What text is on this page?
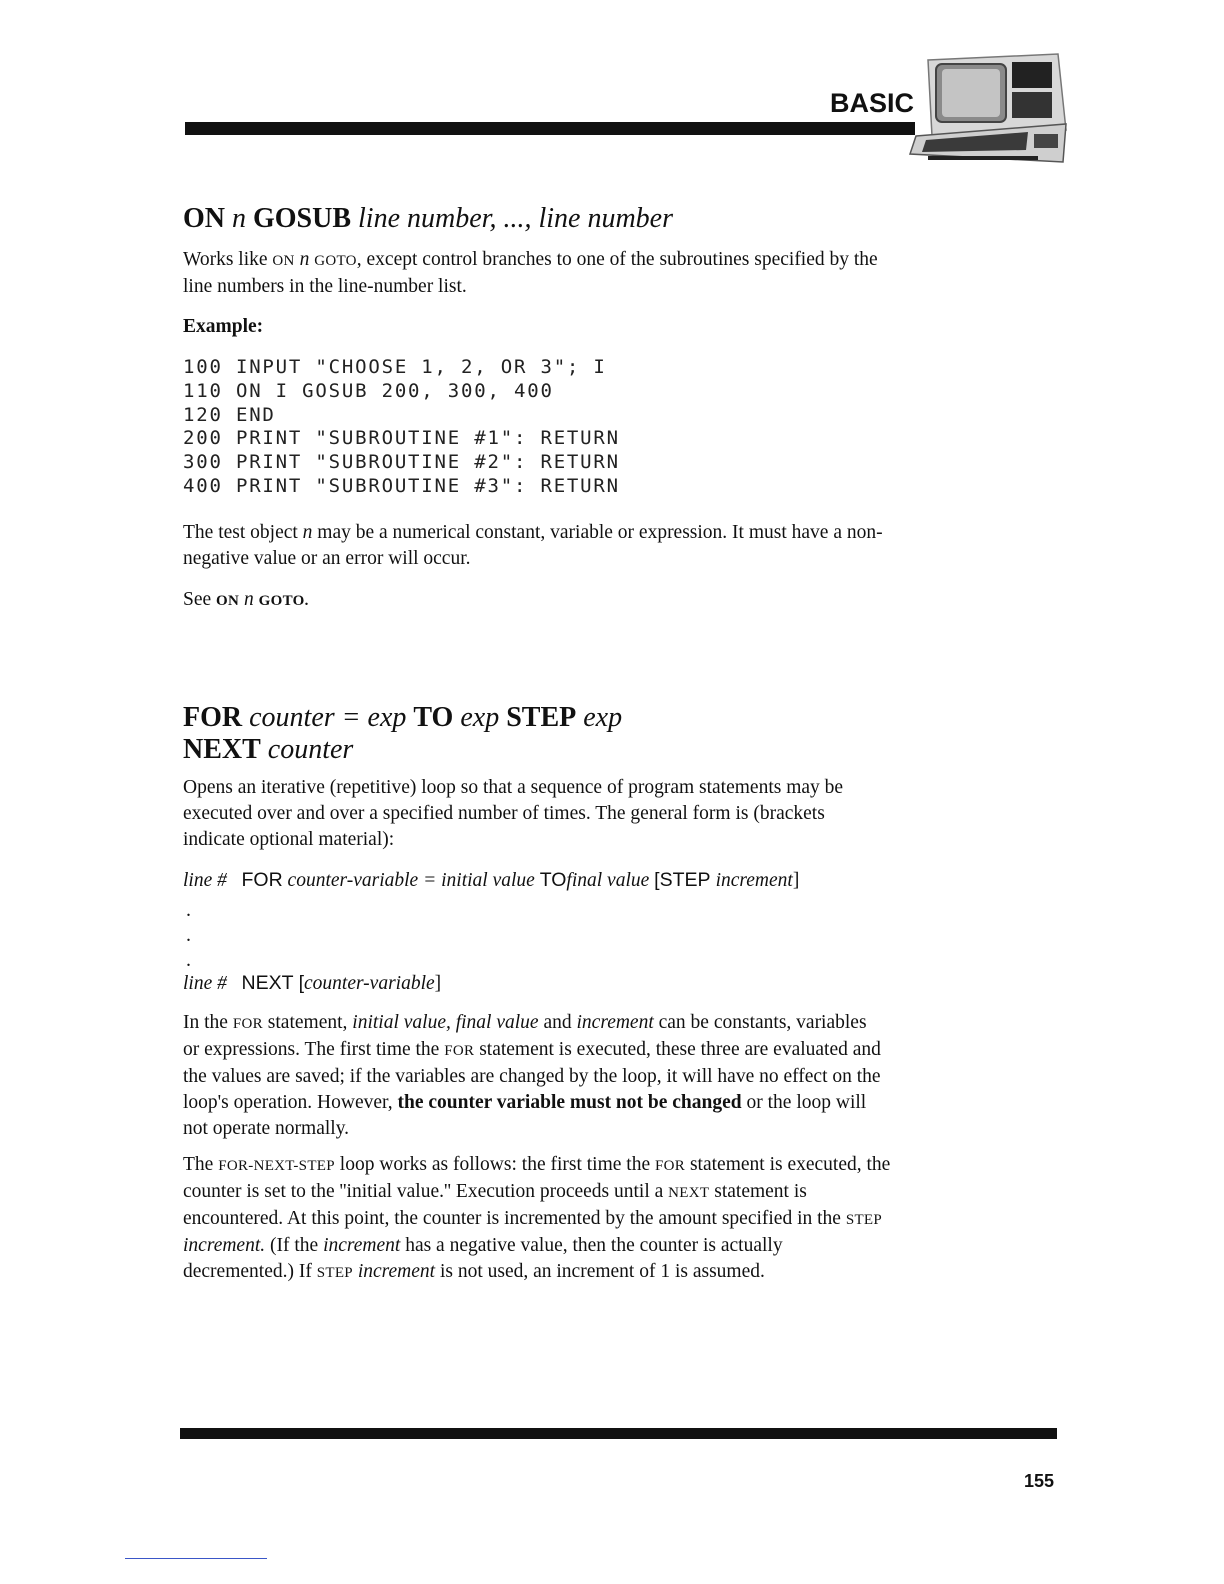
BASIC
ON n GOSUB line number, ..., line number

Works like ON n GOTO, except control branches to one of the subroutines specified by the line numbers in the line-number list.

Example:

100 INPUT "CHOOSE 1, 2, OR 3"; I
110 ON I GOSUB 200, 300, 400
120 END
200 PRINT "SUBROUTINE #1": RETURN
300 PRINT "SUBROUTINE #2": RETURN
400 PRINT "SUBROUTINE #3": RETURN

The test object n may be a numerical constant, variable or expression. It must have a non-negative value or an error will occur.

See ON n GOTO.

FOR counter = exp TO exp STEP exp
NEXT counter

Opens an iterative (repetitive) loop so that a sequence of program statements may be executed over and over a specified number of times. The general form is (brackets indicate optional material):

line # FOR counter-variable = initial value TOfinal value [STEP increment]

.
.
.

line # NEXT [counter-variable]

In the FOR statement, initial value, final value and increment can be constants, variables or expressions. The first time the FOR statement is executed, these three are evaluated and the values are saved; if the variables are changed by the loop, it will have no effect on the loop's operation. However, the counter variable must not be changed or the loop will not operate normally.

The FOR-NEXT-STEP loop works as follows: the first time the FOR statement is executed, the counter is set to the ''initial value.'' Execution proceeds until a NEXT statement is encountered. At this point, the counter is incremented by the amount specified in the STEP increment. (If the increment has a negative value, then the counter is actually decremented.) If STEP increment is not used, an increment of 1 is assumed.

155
